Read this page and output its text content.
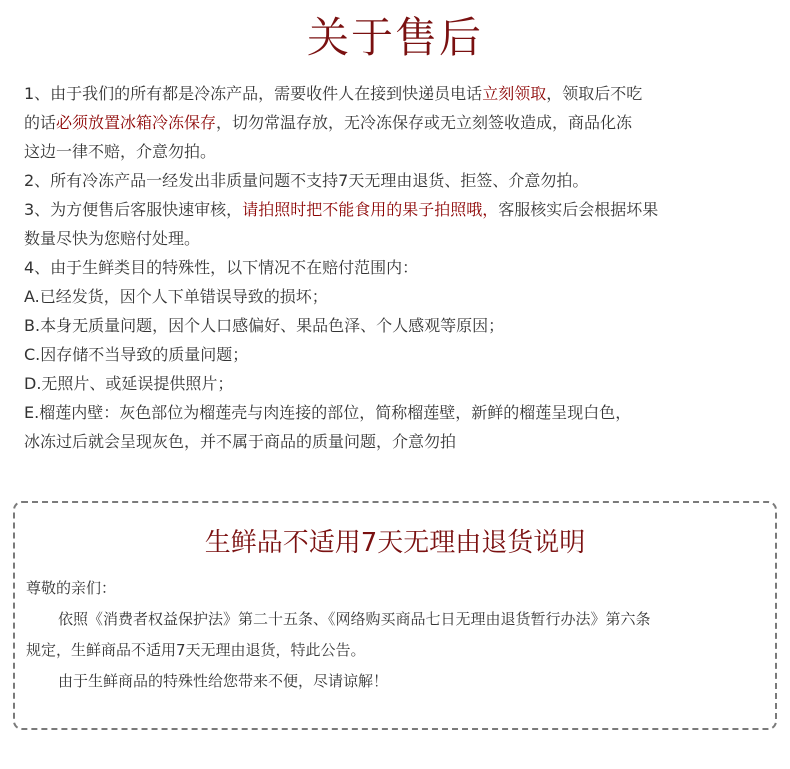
关于售后
1、由于我们的所有都是冷冻产品，需要收件人在接到快递员电话立刻领取，领取后不吃
的话必须放置冰箱冷冻保存，切勿常温存放，无冷冻保存或无立刻签收造成，商品化冻
这边一律不赔，介意勿拍。
2、所有冷冻产品一经发出非质量问题不支持7天无理由退货、拒签、介意勿拍。
3、为方便售后客服快速审核，请拍照时把不能食用的果子拍照哦，客服核实后会根据坏果
数量尽快为您赔付处理。
4、由于生鲜类目的特殊性，以下情况不在赔付范围内：
A.已经发货，因个人下单错误导致的损坏；
B.本身无质量问题，因个人口感偏好、果品色泽、个人感观等原因；
C.因存储不当导致的质量问题；
D.无照片、或延误提供照片；
E.榴莲内壁：灰色部位为榴莲壳与肉连接的部位，简称榴莲壁，新鲜的榴莲呈现白色，
冰冻过后就会呈现灰色，并不属于商品的质量问题，介意勿拍
生鲜品不适用7天无理由退货说明
尊敬的亲们：
依照《消费者权益保护法》第二十五条、《网络购买商品七日无理由退货暂行办法》第六条
规定，生鲜商品不适用7天无理由退货，特此公告。
由于生鲜商品的特殊性给您带来不便，尽请谅解！
